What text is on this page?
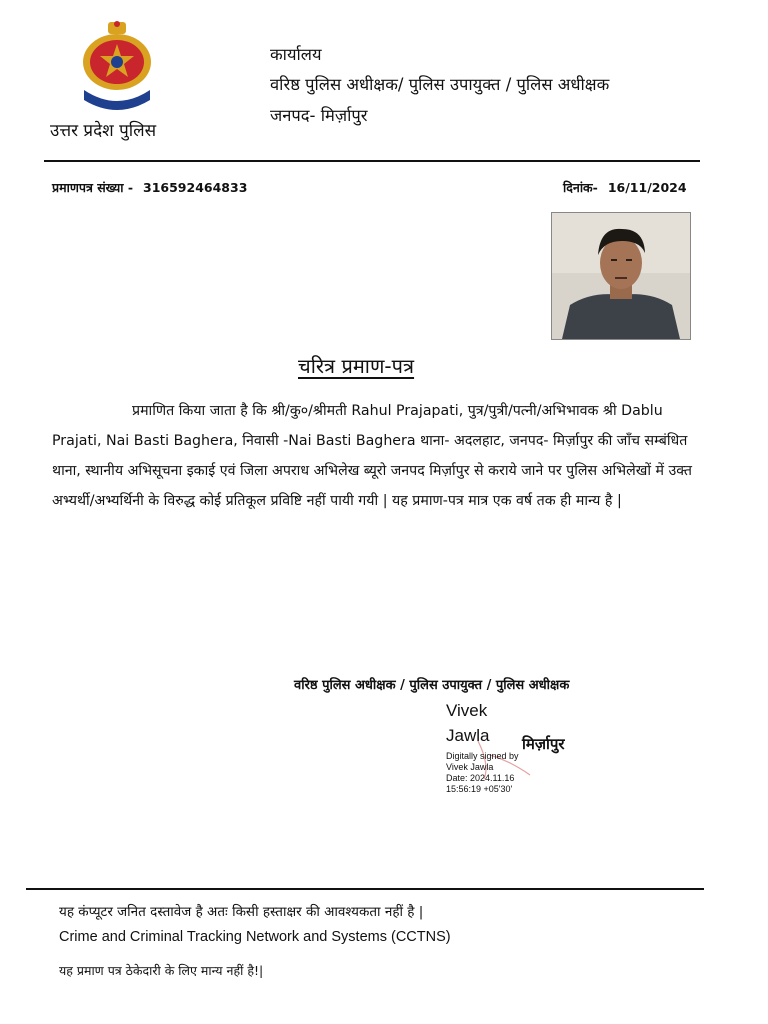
उत्तर प्रदेश पुलिस
कार्यालय
वरिष्ठ पुलिस अधीक्षक/ पुलिस उपायुक्त / पुलिस अधीक्षक
जनपद- मिर्ज़ापुर
प्रमाणपत्र संख्या - 316592464833	दिनांक- 16/11/2024
चरित्र प्रमाण-पत्र

प्रमाणित किया जाता है कि श्री/कु०/श्रीमती Rahul Prajapati, पुत्र/पुत्री/पत्नी/अभिभावक श्री Dablu Prajati, Nai Basti Baghera, निवासी -Nai Basti Baghera थाना- अदलहाट, जनपद- मिर्ज़ापुर की जाँच सम्बंधित थाना, स्थानीय अभिसूचना इकाई एवं जिला अपराध अभिलेख ब्यूरो जनपद मिर्ज़ापुर से कराये जाने पर पुलिस अभिलेखों में उक्त अभ्यर्थी/अभ्यर्थिनी के विरुद्ध कोई प्रतिकूल प्रविष्टि नहीं पायी गयी | यह प्रमाण-पत्र मात्र एक वर्ष तक ही मान्य है |

वरिष्ठ पुलिस अधीक्षक / पुलिस उपायुक्त / पुलिस अधीक्षक
Vivek
Jawla मिर्ज़ापुर
Digitally signed by
Vivek Jawla
Date: 2024.11.16
15:56:19 +05'30'
यह कंप्यूटर जनित दस्तावेज है अतः किसी हस्ताक्षर की आवश्यकता नहीं है |
Crime and Criminal Tracking Network and Systems (CCTNS)
यह प्रमाण पत्र ठेकेदारी के लिए मान्य नहीं है!|
